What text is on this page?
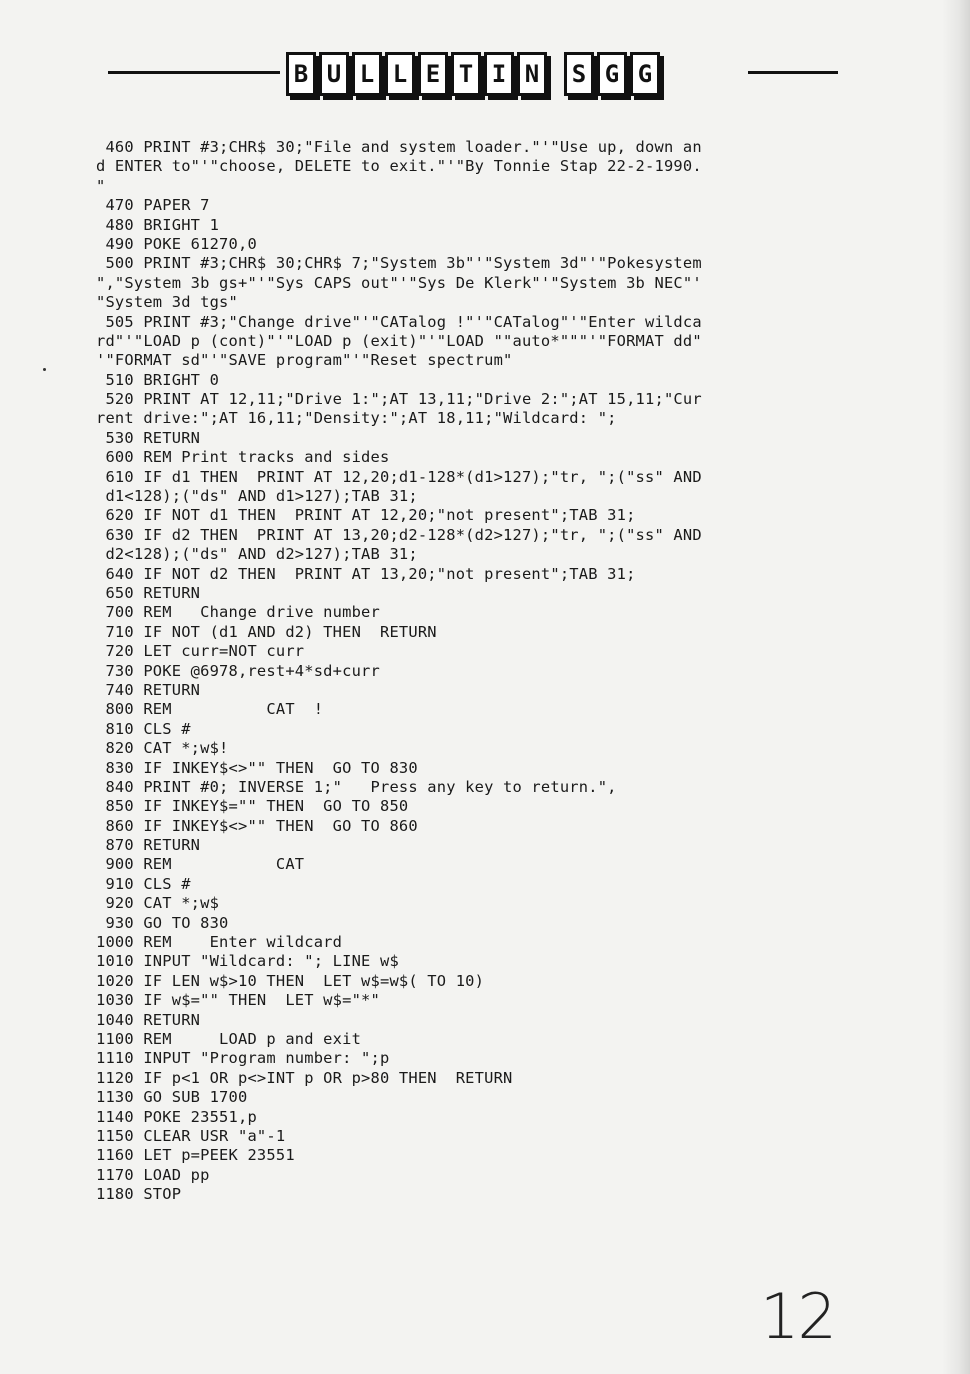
B U L L E T I N	S G G
460 PRINT #3;CHR$ 30;"File and system loader."'"Use up, down an
d ENTER to"'"choose, DELETE to exit."'"By Tonnie Stap 22-2-1990.
"
470 PAPER 7
480 BRIGHT 1
490 POKE 61270,0
500 PRINT #3;CHR$ 30;CHR$ 7;"System 3b"'"System 3d"'"Pokesystem
","System 3b gs+"'"Sys CAPS out"'"Sys De Klerk"'"System 3b NEC"'
"System 3d tgs"
505 PRINT #3;"Change drive"'"CATalog !"'"CATalog"'"Enter wildca
rd"'"LOAD p (cont)"'"LOAD p (exit)"'"LOAD ""auto*"""'"FORMAT dd"
'"FORMAT sd"'"SAVE program"'"Reset spectrum"
510 BRIGHT 0
520 PRINT AT 12,11;"Drive 1:";AT 13,11;"Drive 2:";AT 15,11;"Cur
rent drive:";AT 16,11;"Density:";AT 18,11;"Wildcard: ";
530 RETURN
600 REM Print tracks and sides
610 IF d1 THEN  PRINT AT 12,20;d1-128*(d1>127);"tr, ";("ss" AND
d1<128);("ds" AND d1>127);TAB 31;
620 IF NOT d1 THEN  PRINT AT 12,20;"not present";TAB 31;
630 IF d2 THEN  PRINT AT 13,20;d2-128*(d2>127);"tr, ";("ss" AND
d2<128);("ds" AND d2>127);TAB 31;
640 IF NOT d2 THEN  PRINT AT 13,20;"not present";TAB 31;
650 RETURN
700 REM   Change drive number
710 IF NOT (d1 AND d2) THEN  RETURN
720 LET curr=NOT curr
730 POKE @6978,rest+4*sd+curr
740 RETURN
800 REM          CAT  !
810 CLS #
820 CAT *;w$!
830 IF INKEY$<>"" THEN  GO TO 830
840 PRINT #0; INVERSE 1;"   Press any key to return.",
850 IF INKEY$="" THEN  GO TO 850
860 IF INKEY$<>"" THEN  GO TO 860
870 RETURN
900 REM           CAT
910 CLS #
920 CAT *;w$
930 GO TO 830
1000 REM    Enter wildcard
1010 INPUT "Wildcard: "; LINE w$
1020 IF LEN w$>10 THEN  LET w$=w$( TO 10)
1030 IF w$="" THEN  LET w$="*"
1040 RETURN
1100 REM     LOAD p and exit
1110 INPUT "Program number: ";p
1120 IF p<1 OR p<>INT p OR p>80 THEN  RETURN
1130 GO SUB 1700
1140 POKE 23551,p
1150 CLEAR USR "a"-1
1160 LET p=PEEK 23551
1170 LOAD pp
1180 STOP
12
